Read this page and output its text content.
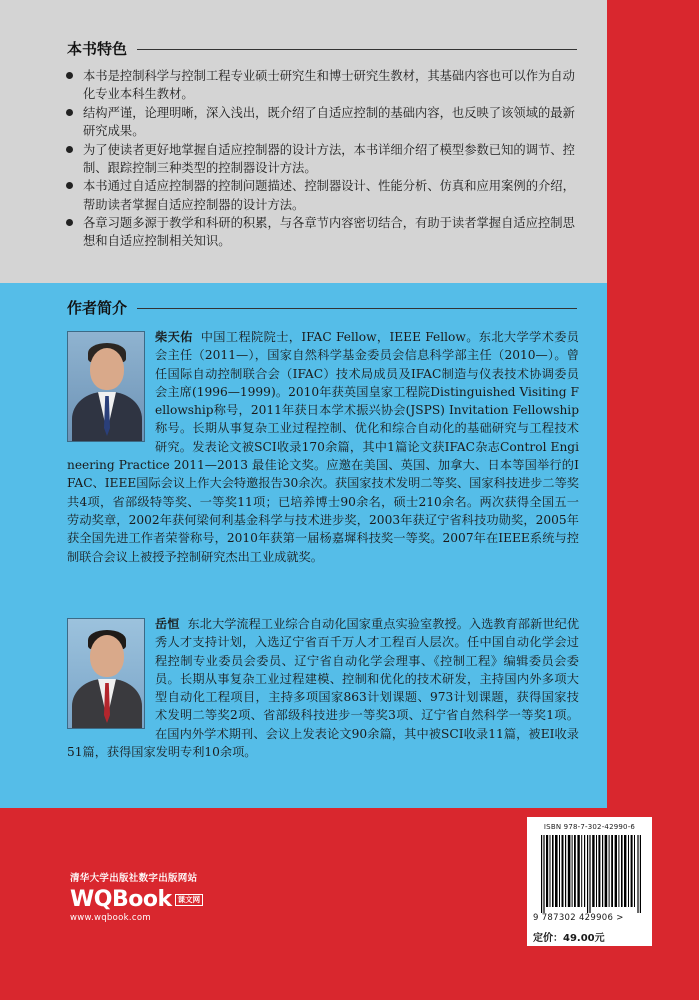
本书特色
本书是控制科学与控制工程专业硕士研究生和博士研究生教材，其基础内容也可以作为自动化专业本科生教材。
结构严谨，论理明晰，深入浅出，既介绍了自适应控制的基础内容，也反映了该领域的最新研究成果。
为了使读者更好地掌握自适应控制器的设计方法，本书详细介绍了模型参数已知的调节、控制、跟踪控制三种类型的控制器设计方法。
本书通过自适应控制器的控制问题描述、控制器设计、性能分析、仿真和应用案例的介绍，帮助读者掌握自适应控制器的设计方法。
各章习题多源于教学和科研的积累，与各章节内容密切结合，有助于读者掌握自适应控制思想和自适应控制相关知识。
作者简介
柴天佑 中国工程院院士，IFAC Fellow，IEEE Fellow。东北大学学术委员会主任（2011—），国家自然科学基金委员会信息科学部主任（2010—）。曾任国际自动控制联合会（IFAC）技术局成员及IFAC制造与仪表技术协调委员会主席(1996—1999)。2010年获英国皇家工程院Distinguished Visiting Fellowship称号，2011年获日本学术振兴协会(JSPS) Invitation Fellowship称号。长期从事复杂工业过程控制、优化和综合自动化的基础研究与工程技术研究。发表论文被SCI收录170余篇，其中1篇论文获IFAC杂志Control Engineering Practice 2011—2013 最佳论文奖。应邀在美国、英国、加拿大、日本等国举行的IFAC、IEEE国际会议上作大会特邀报告30余次。获国家技术发明二等奖、国家科技进步二等奖共4项，省部级特等奖、一等奖11项；已培养博士90余名，硕士210余名。两次获得全国五一劳动奖章，2002年获何梁何利基金科学与技术进步奖，2003年获辽宁省科技功勋奖，2005年获全国先进工作者荣誉称号，2010年获第一届杨嘉墀科技奖一等奖。2007年在IEEE系统与控制联合会议上被授予控制研究杰出工业成就奖。
岳恒 东北大学流程工业综合自动化国家重点实验室教授。入选教育部新世纪优秀人才支持计划，入选辽宁省百千万人才工程百人层次。任中国自动化学会过程控制专业委员会委员、辽宁省自动化学会理事、《控制工程》编辑委员会委员。长期从事复杂工业过程建模、控制和优化的技术研发，主持国内外多项大型自动化工程项目，主持多项国家863计划课题、973计划课题，获得国家技术发明二等奖2项、省部级科技进步一等奖3项、辽宁省自然科学一等奖1项。在国内外学术期刊、会议上发表论文90余篇，其中被SCI收录11篇，被EI收录51篇，获得国家发明专利10余项。
清华大学出版社数字出版网站
WQBook 课文网
www.wqbook.com
ISBN 978-7-302-42990-6
9 787302 429906 >
定价：49.00元
